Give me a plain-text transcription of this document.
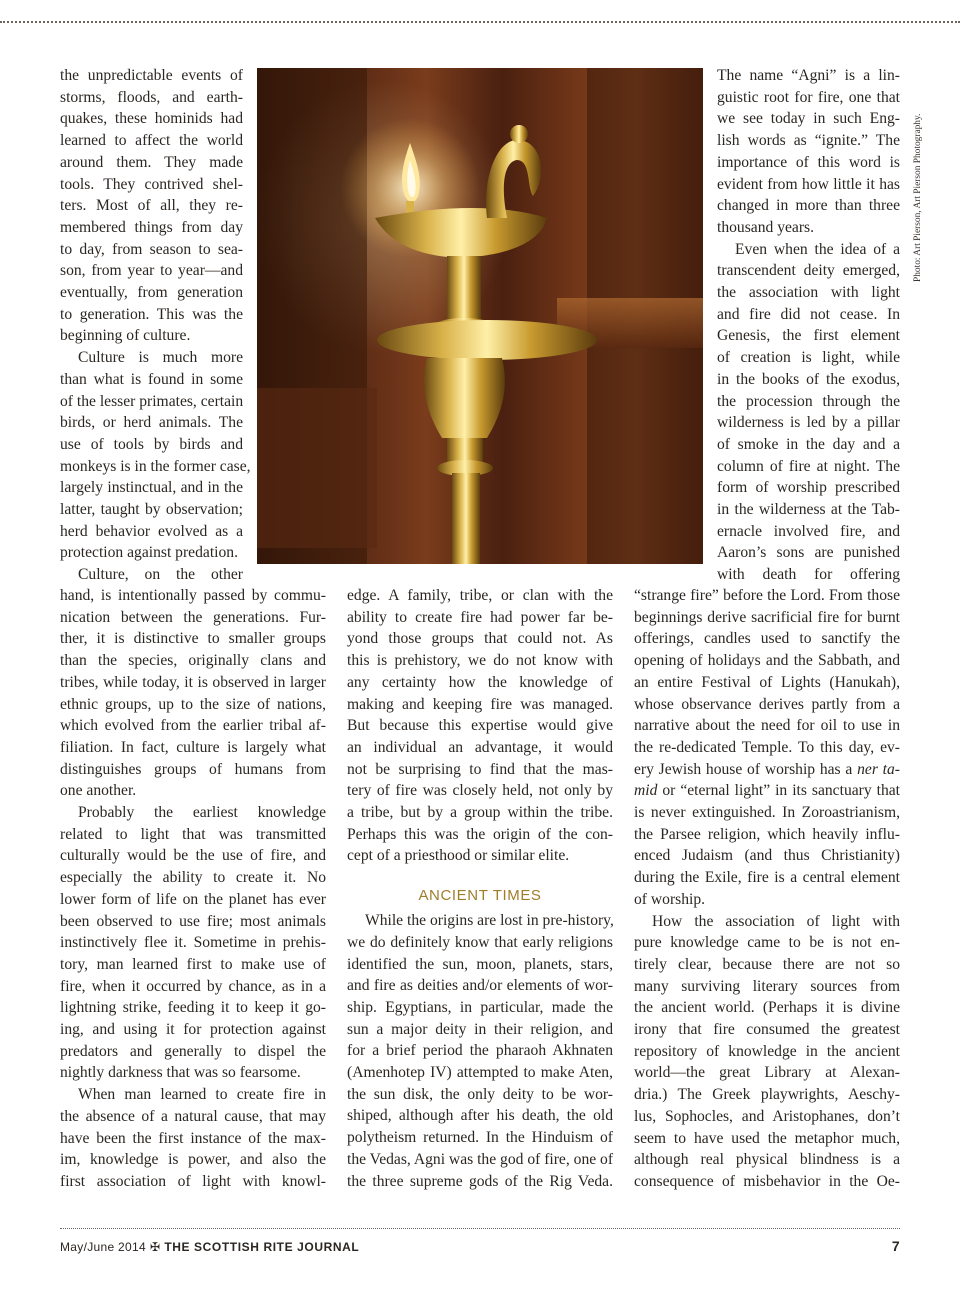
the unpredictable events of
storms, floods, and earth-
quakes, these hominids had
learned to affect the world
around them. They made
tools. They contrived shel-
ters. Most of all, they re-
membered things from day
to day, from season to sea-
son, from year to year—and
eventually, from generation
to generation. This was the
beginning of culture.
Culture is much more
than what is found in some
of the lesser primates, certain
birds, or herd animals. The
use of tools by birds and
monkeys is in the former case,
largely instinctual, and in the
latter, taught by observation;
herd behavior evolved as a
protection against predation.
Culture, on the other
hand, is intentionally passed by commu-
nication between the generations. Fur-
ther, it is distinctive to smaller groups
than the species, originally clans and
tribes, while today, it is observed in larger
ethnic groups, up to the size of nations,
which evolved from the earlier tribal af-
filiation. In fact, culture is largely what
distinguishes groups of humans from
one another.
Probably the earliest knowledge
related to light that was transmitted
culturally would be the use of fire, and
especially the ability to create it. No
lower form of life on the planet has ever
been observed to use fire; most animals
instinctively flee it. Sometime in prehis-
tory, man learned first to make use of
fire, when it occurred by chance, as in a
lightning strike, feeding it to keep it go-
ing, and using it for protection against
predators and generally to dispel the
nightly darkness that was so fearsome.
When man learned to create fire in
the absence of a natural cause, that may
have been the first instance of the max-
im, knowledge is power, and also the
first association of light with knowl-
edge. A family, tribe, or clan with the
ability to create fire had power far be-
yond those groups that could not. As
this is prehistory, we do not know with
any certainty how the knowledge of
making and keeping fire was managed.
But because this expertise would give
an individual an advantage, it would
not be surprising to find that the mas-
tery of fire was closely held, not only by
a tribe, but by a group within the tribe.
Perhaps this was the origin of the con-
cept of a priesthood or similar elite.
ANCIENT TIMES
While the origins are lost in pre-history,
we do definitely know that early religions
identified the sun, moon, planets, stars,
and fire as deities and/or elements of wor-
ship. Egyptians, in particular, made the
sun a major deity in their religion, and
for a brief period the pharaoh Akhnaten
(Amenhotep IV) attempted to make Aten,
the sun disk, the only deity to be wor-
shiped, although after his death, the old
polytheism returned. In the Hinduism of
the Vedas, Agni was the god of fire, one of
the three supreme gods of the Rig Veda.
The name “Agni” is a lin-
guistic root for fire, one that
we see today in such Eng-
lish words as “ignite.” The
importance of this word is
evident from how little it has
changed in more than three
thousand years.
Even when the idea of a
transcendent deity emerged,
the association with light
and fire did not cease. In
Genesis, the first element
of creation is light, while
in the books of the exodus,
the procession through the
wilderness is led by a pillar
of smoke in the day and a
column of fire at night. The
form of worship prescribed
in the wilderness at the Tab-
ernacle involved fire, and
Aaron’s sons are punished
with death for offering
“strange fire” before the Lord. From those
beginnings derive sacrificial fire for burnt
offerings, candles used to sanctify the
opening of holidays and the Sabbath, and
an entire Festival of Lights (Hanukah),
whose observance derives partly from a
narrative about the need for oil to use in
the re-dedicated Temple. To this day, ev-
ery Jewish house of worship has a ner ta-
mid or “eternal light” in its sanctuary that
is never extinguished. In Zoroastrianism,
the Parsee religion, which heavily influ-
enced Judaism (and thus Christianity)
during the Exile, fire is a central element
of worship.
How the association of light with
pure knowledge came to be is not en-
tirely clear, because there are not so
many surviving literary sources from
the ancient world. (Perhaps it is divine
irony that fire consumed the greatest
repository of knowledge in the ancient
world—the great Library at Alexan-
dria.) The Greek playwrights, Aeschy-
lus, Sophocles, and Aristophanes, don’t
seem to have used the metaphor much,
although real physical blindness is a
consequence of misbehavior in the Oe-
Photo: Art Pierson, Art Pierson Photography.
May/June 2014 ✠ THE SCOTTISH RITE JOURNAL	7
